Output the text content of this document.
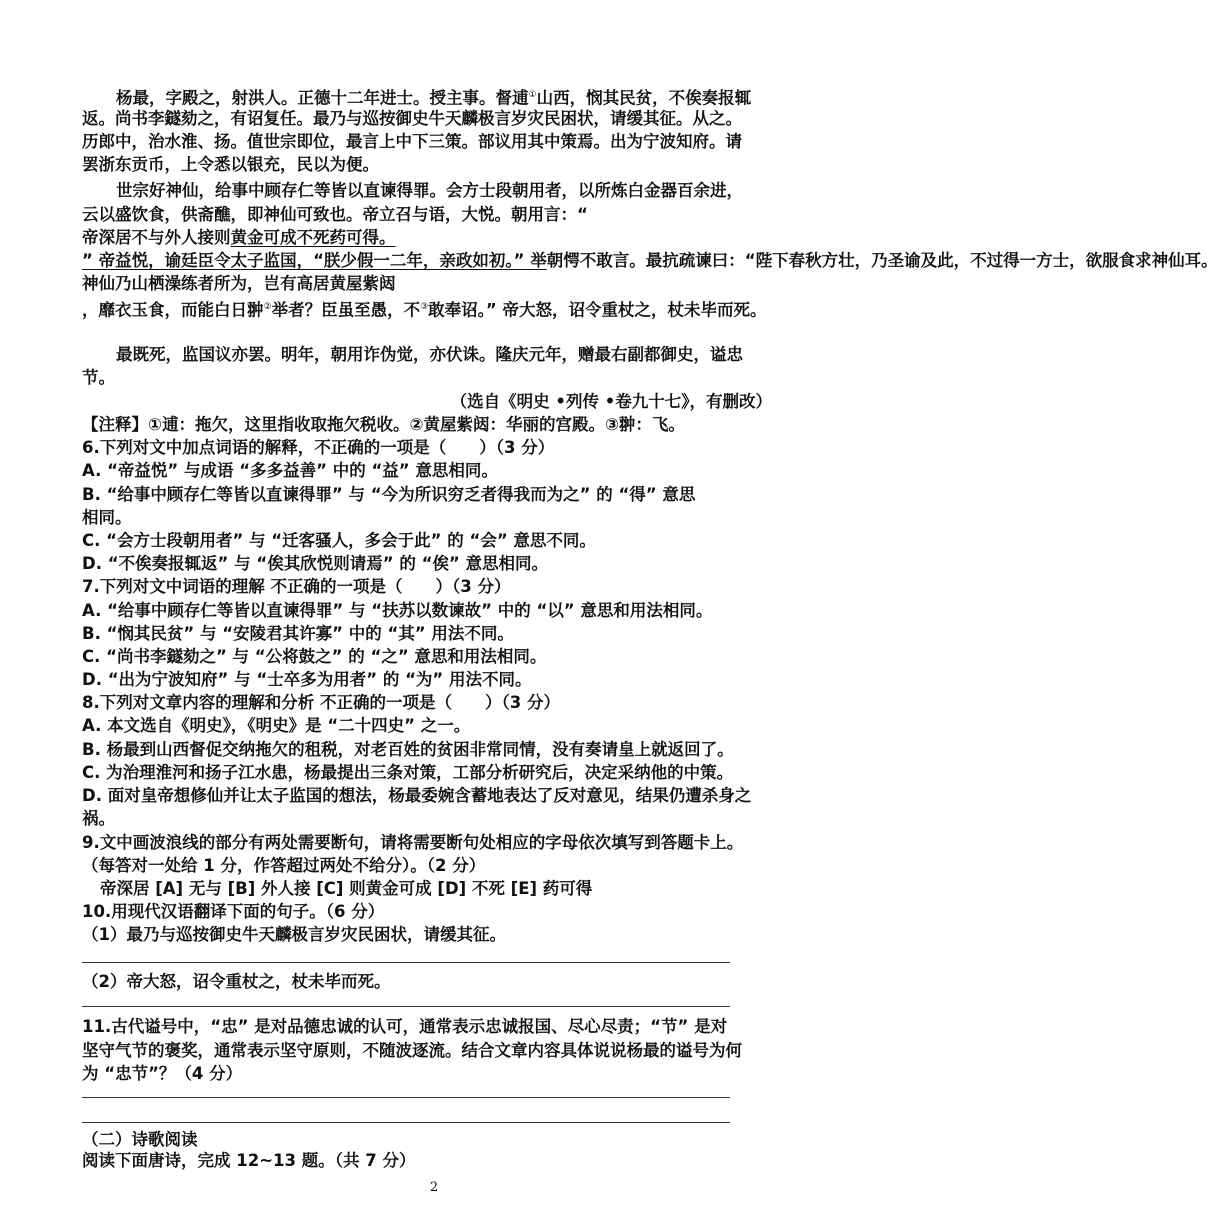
杨最，字殿之，射洪人。正德十二年进士。授主事。督逋①山西，悯其民贫，不俟奏报辄
返。尚书李鐩劾之，有诏复任。最乃与巡按御史牛天麟极言岁灾民困状，请缓其征。从之。
历郎中，治水淮、扬。值世宗即位，最言上中下三策。部议用其中策焉。出为宁波知府。请
罢浙东贡币，上令悉以银充，民以为便。
世宗好神仙，给事中顾存仁等皆以直谏得罪。会方士段朝用者，以所炼白金器百余进，
云以盛饮食，供斋醮，即神仙可致也。帝立召与语，大悦。朝用言：“
帝深居不与外人接则黄金可成不死药可得。
” 帝益悦，谕廷臣令太子监国，“朕少假一二年，亲政如初。” 举朝愕不敢言。最抗疏谏曰：“陛下春秋方壮，乃圣谕及此，不过得一方士，欲服食求神仙耳。
神仙乃山栖澡练者所为，岂有高居黄屋紫闼
，靡衣玉食，而能白日翀②举者？臣虽至愚，不③敢奉诏。” 帝大怒，诏令重杖之，杖未毕而死。
最既死，监国议亦罢。明年，朝用诈伪觉，亦伏诛。隆庆元年，赠最右副都御史，谥忠
节。
（选自《明史 •列传 •卷九十七》，有删改）
【注释】①逋：拖欠，这里指收取拖欠税收。②黄屋紫闼：华丽的宫殿。③翀：飞。
6.下列对文中加点词语的解释，不正确的一项是（　　）（3 分）
A. “帝益悦” 与成语 “多多益善” 中的 “益” 意思相同。
B. “给事中顾存仁等皆以直谏得罪” 与 “今为所识穷乏者得我而为之” 的 “得” 意思
相同。
C. “会方士段朝用者” 与 “迁客骚人，多会于此” 的 “会” 意思不同。
D. “不俟奏报辄返” 与 “俟其欣悦则请焉” 的 “俟” 意思相同。
7.下列对文中词语的理解 不正确的一项是（　　）（3 分）
A. “给事中顾存仁等皆以直谏得罪” 与 “扶苏以数谏故” 中的 “以” 意思和用法相同。
B. “悯其民贫” 与 “安陵君其许寡” 中的 “其” 用法不同。
C. “尚书李鐩劾之” 与 “公将鼓之” 的 “之” 意思和用法相同。
D. “出为宁波知府” 与 “士卒多为用者” 的 “为” 用法不同。
8.下列对文章内容的理解和分析 不正确的一项是（　　）（3 分）
A. 本文选自《明史》，《明史》是 “二十四史” 之一。
B. 杨最到山西督促交纳拖欠的租税，对老百姓的贫困非常同情，没有奏请皇上就返回了。
C. 为治理淮河和扬子江水患，杨最提出三条对策，工部分析研究后，决定采纳他的中策。
D. 面对皇帝想修仙并让太子监国的想法，杨最委婉含蓄地表达了反对意见，结果仍遭杀身之
祸。
9.文中画波浪线的部分有两处需要断句，请将需要断句处相应的字母依次填写到答题卡上。
（每答对一处给 1 分，作答超过两处不给分）。（2 分）
帝深居 [A] 无与 [B] 外人接 [C] 则黄金可成 [D] 不死 [E] 药可得
10.用现代汉语翻译下面的句子。（6 分）
（1）最乃与巡按御史牛天麟极言岁灾民困状，请缓其征。
（2）帝大怒，诏令重杖之，杖未毕而死。
11.古代谥号中，“忠” 是对品德忠诚的认可，通常表示忠诚报国、尽心尽责；“节” 是对
坚守气节的褒奖，通常表示坚守原则，不随波逐流。结合文章内容具体说说杨最的谥号为何
为 “忠节”？（4 分）
（二）诗歌阅读
阅读下面唐诗，完成 12~13 题。（共 7 分）
2
